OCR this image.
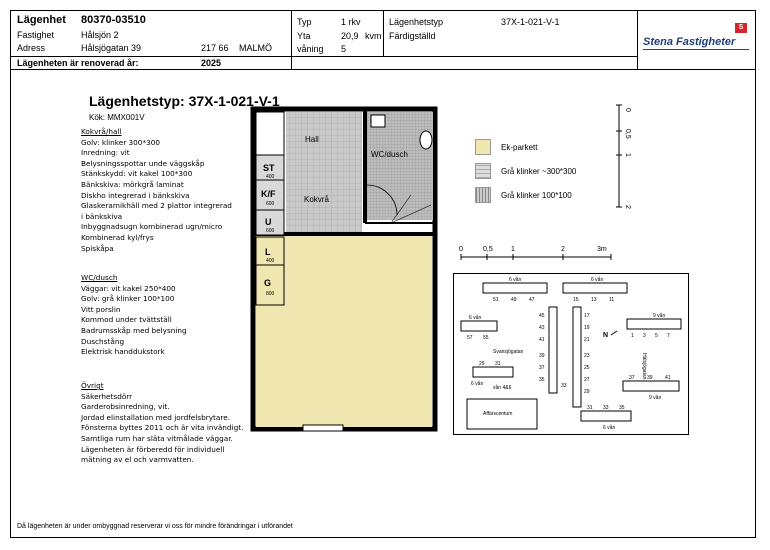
Lägenhet 80370-03510
Fastighet	Hålsjön 2
Adress	Hålsjögatan 39	217 66 MALMÖ
Typ	1 rkv
Yta	20,9 kvm
våning 5
Lägenhetstyp	37X-1-021-V-1
Färdigställd
Lägenheten är renoverad år:	2025
S
Stena Fastigheter
Lägenhetstyp: 37X-1-021-V-1
Kök: MMX001V
Kokvrå/hall
Golv: klinker 300*300
Inredning: vit
Belysningsspottar unde väggskåp
Stänkskydd: vit kakel 100*300
Bänkskiva: mörkgrå laminat
Diskho integrerad i bänkskiva
Glaskeramikhäll med 2 plattor integrerad
i bänkskiva
Inbyggnadsugn kombinerad ugn/micro
Kombinerad kyl/frys
Spiskåpa
WC/dusch
Väggar: vit kakel 250*400
Golv: grå klinker 100*100
Vitt porslin
Kommod under tvättställ
Badrumsskåp med belysning
Duschstång
Elektrisk handdukstork
Övrigt
Säkerhetsdörr
Garderobsinredning, vit.
Jordad elinstallation med jordfelsbrytare.
Fönsterna byttes 2011 och är vita invändigt.
Samtliga rum har släta vitmålade väggar.
Lägenheten är förberedd för individuell
mätning av el och varmvatten.
Hall
WC/dusch
Kokvrå
ST
400
K/F
600
U
600
L
400
G
800
0
0,5
1
2
0	0,5	1	2	3m
Ek-parkett
Grå klinker ~300*300
Grå klinker 100*100
6 vån	6 vån
51 49 47	15 13 11
6 vån
57 55
45
43
41
39
37
35
17
19
21
23
25
27
29
33
Svansjögatan
Hålsjögatan
N
9 vån
1 3 5 7
29 31
6 vån
vån 4&6
37 39 41
9 vån
31 33 35
6 vån
Affärscentum
Då lägenheten är under ombyggnad reserverar vi oss för mindre förändringar i utförandet
